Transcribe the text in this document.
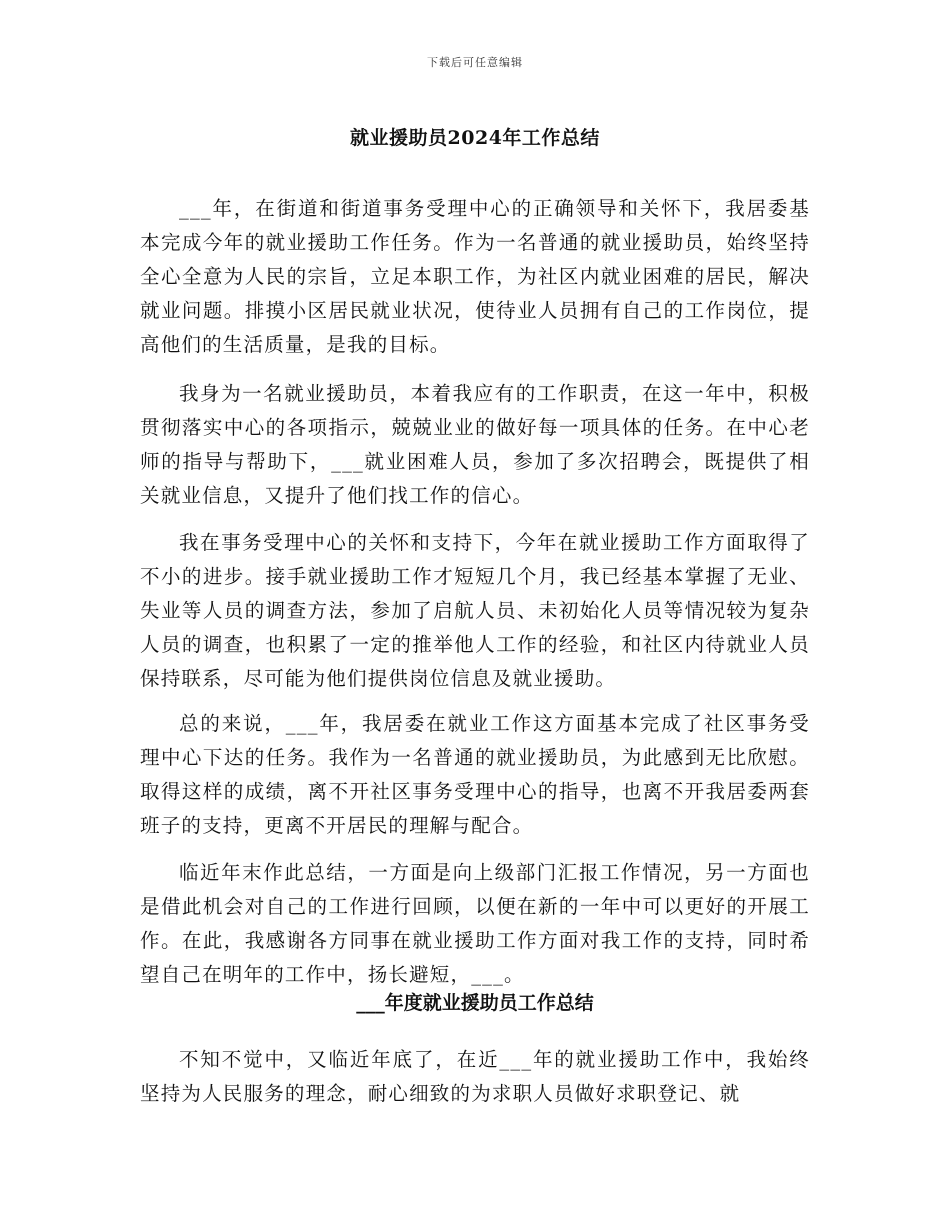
下载后可任意编辑
就业援助员2024年工作总结

___年，在街道和街道事务受理中心的正确领导和关怀下，我居委基本完成今年的就业援助工作任务。作为一名普通的就业援助员，始终坚持全心全意为人民的宗旨，立足本职工作，为社区内就业困难的居民，解决就业问题。排摸小区居民就业状况，使待业人员拥有自己的工作岗位，提高他们的生活质量，是我的目标。

我身为一名就业援助员，本着我应有的工作职责，在这一年中，积极贯彻落实中心的各项指示，兢兢业业的做好每一项具体的任务。在中心老师的指导与帮助下，___就业困难人员，参加了多次招聘会，既提供了相关就业信息，又提升了他们找工作的信心。

我在事务受理中心的关怀和支持下，今年在就业援助工作方面取得了不小的进步。接手就业援助工作才短短几个月，我已经基本掌握了无业、失业等人员的调查方法，参加了启航人员、未初始化人员等情况较为复杂人员的调查，也积累了一定的推举他人工作的经验，和社区内待就业人员保持联系，尽可能为他们提供岗位信息及就业援助。

总的来说，___年，我居委在就业工作这方面基本完成了社区事务受理中心下达的任务。我作为一名普通的就业援助员，为此感到无比欣慰。取得这样的成绩，离不开社区事务受理中心的指导，也离不开我居委两套班子的支持，更离不开居民的理解与配合。

临近年末作此总结，一方面是向上级部门汇报工作情况，另一方面也是借此机会对自己的工作进行回顾，以便在新的一年中可以更好的开展工作。在此，我感谢各方同事在就业援助工作方面对我工作的支持，同时希望自己在明年的工作中，扬长避短，___。

___年度就业援助员工作总结

不知不觉中，又临近年底了，在近___年的就业援助工作中，我始终坚持为人民服务的理念，耐心细致的为求职人员做好求职登记、就
